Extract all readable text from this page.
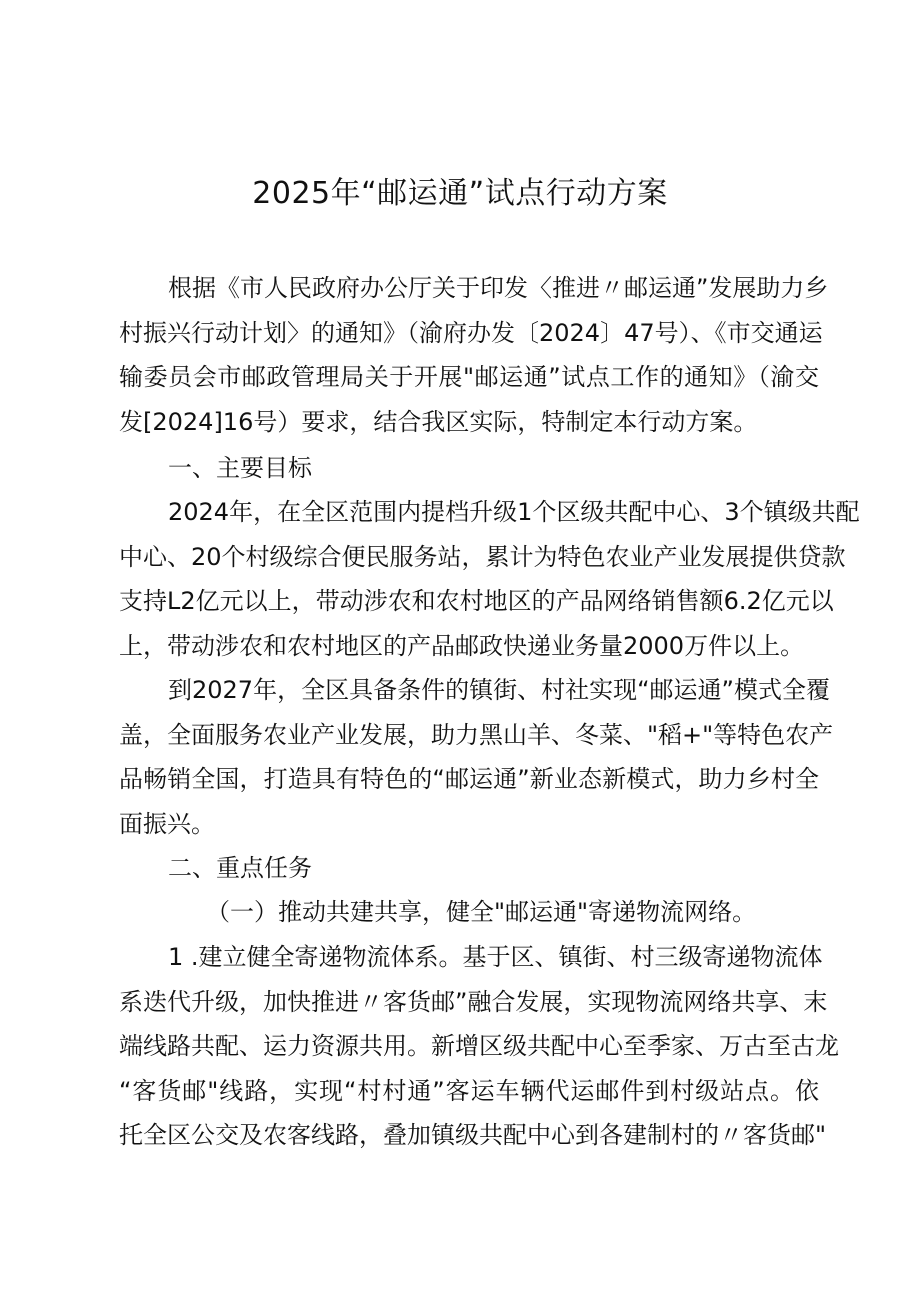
2025年“邮运通”试点行动方案
根据《市人民政府办公厅关于印发〈推进〃邮运通”发展助力乡
村振兴行动计划〉的通知》（渝府办发〔2024〕47号）、《市交通运
输委员会市邮政管理局关于开展"邮运通”试点工作的通知》（渝交
发[2024]16号）要求，结合我区实际，特制定本行动方案。
一、主要目标
2024年，在全区范围内提档升级1个区级共配中心、3个镇级共配
中心、20个村级综合便民服务站，累计为特色农业产业发展提供贷款
支持L2亿元以上，带动涉农和农村地区的产品网络销售额6.2亿元以
上，带动涉农和农村地区的产品邮政快递业务量2000万件以上。
到2027年，全区具备条件的镇街、村社实现“邮运通”模式全覆
盖，全面服务农业产业发展，助力黑山羊、冬菜、"稻+"等特色农产
品畅销全国，打造具有特色的“邮运通”新业态新模式，助力乡村全
面振兴。
二、重点任务
（一）推动共建共享，健全"邮运通"寄递物流网络。
1 .建立健全寄递物流体系。基于区、镇街、村三级寄递物流体
系迭代升级，加快推进〃客货邮”融合发展，实现物流网络共享、末
端线路共配、运力资源共用。新增区级共配中心至季家、万古至古龙
“客货邮"线路，实现“村村通”客运车辆代运邮件到村级站点。依
托全区公交及农客线路，叠加镇级共配中心到各建制村的〃客货邮"
